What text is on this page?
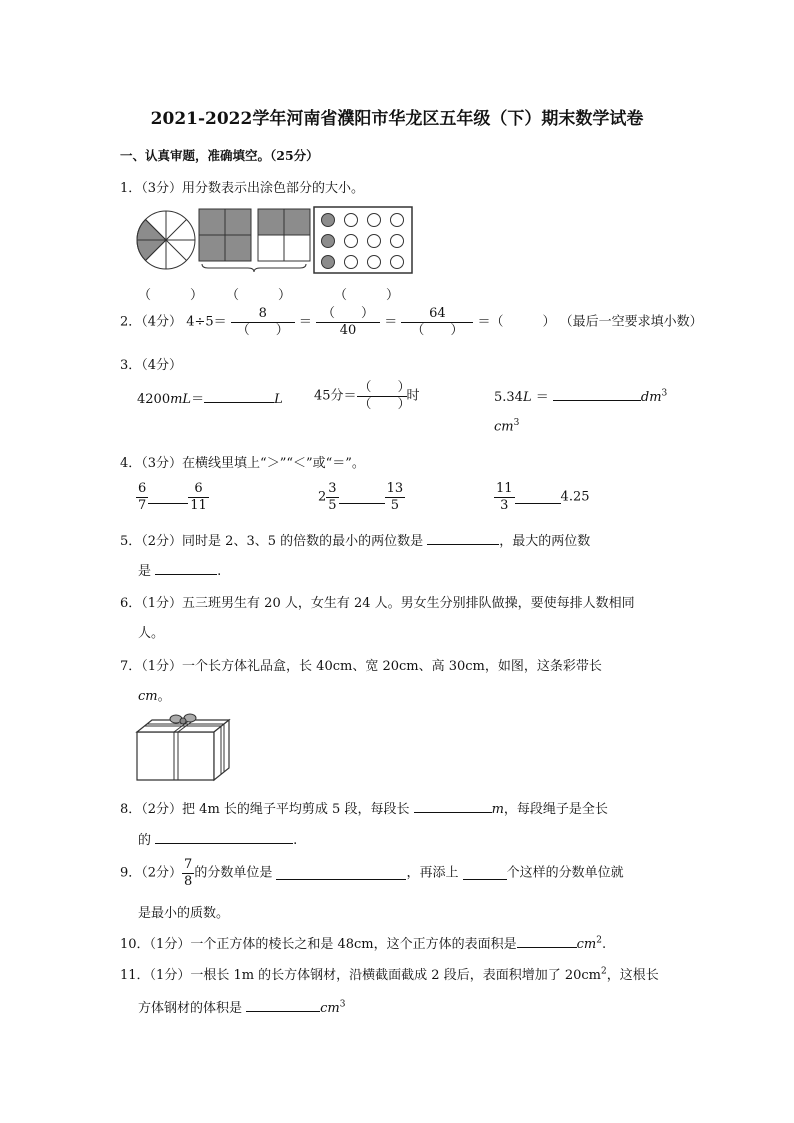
2021-2022学年河南省濮阳市华龙区五年级（下）期末数学试卷
一、认真审题，准确填空。（25分）
1．（3分）用分数表示出涂色部分的大小。
（　　　） （　　　）	（　　　）
2．（4分） $4\div 5= \frac{8}{( )} = \frac{( )}{40} = \frac{64}{( )}$ ＝（　　　） （最后一空要求填小数）
3．（4分）
4200mL＝	L 45分＝ $\frac{( )}{( )}$ 时	5.34L ＝	$dm^3$
$cm^3$
4．（3分）在横线里填上“＞”“＜”或“＝”。
$\frac{6}{7}$	$\frac{6}{11}$	$2 \frac{3}{5}$	$\frac{13}{5}$	$\frac{11}{3}$	4.25
5．（2分）同时是 2、3、5 的倍数的最小的两位数是	，最大的两位数
是	.
6．（1分）五三班男生有 20 人，女生有 24 人。男女生分别排队做操，要使每排人数相同
人。
7．（1分）一个长方体礼品盒，长 40cm、宽 20cm、高 30cm，如图，这条彩带长
cm。
8．（2分）把 4m 长的绳子平均剪成 5 段，每段长	m，每段绳子是全长
的	.
9．（2分） $\frac{7}{8}$ 的分数单位是	，再添上	个这样的分数单位就
是最小的质数。
10．（1分）一个正方体的棱长之和是 48cm，这个正方体的表面积是	$cm^2$.
11．（1分）一根长 1m 的长方体钢材，沿横截面截成 2 段后，表面积增加了 $20cm^2$，这根长
方体钢材的体积是	$cm^3$
